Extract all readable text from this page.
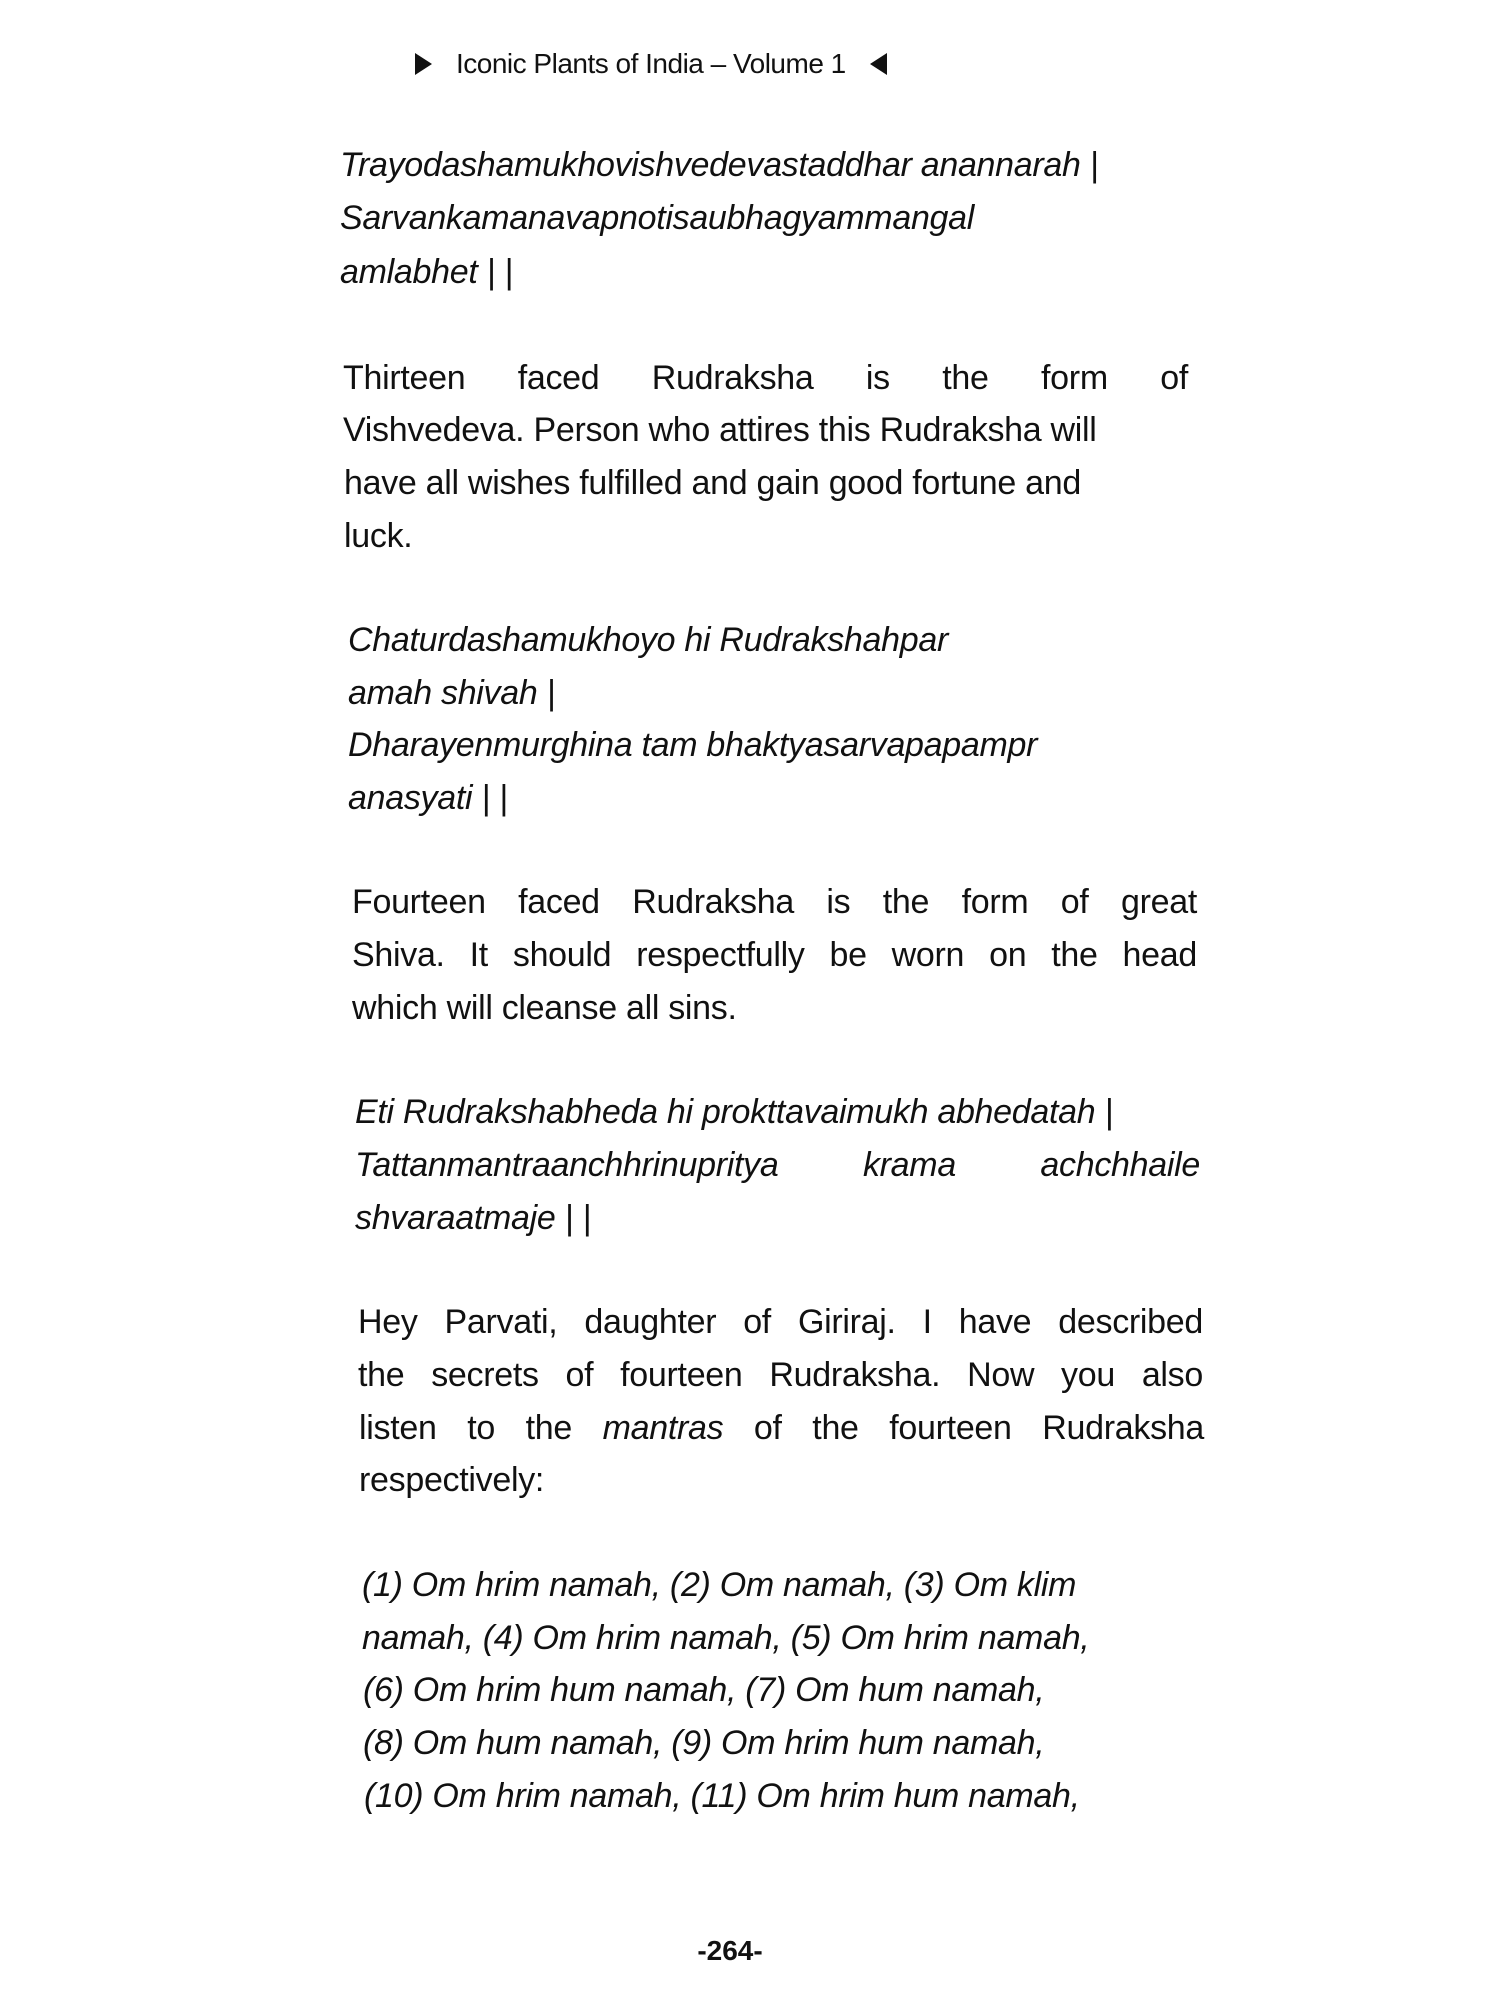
Iconic Plants of India – Volume 1
Trayodashamukhovishvedevastaddhar anannarah |
Sarvankamanavapnotisaubhagyammangal
amlabhet | |
Thirteen faced Rudraksha is the form of
Vishvedeva. Person who attires this Rudraksha will
have all wishes fulfilled and gain good fortune and
luck.
Chaturdashamukhoyo hi Rudrakshahpar
amah shivah |
Dharayenmurghina tam bhaktyasarvapapampr
anasyati | |
Fourteen faced Rudraksha is the form of great
Shiva. It should respectfully be worn on the head
which will cleanse all sins.
Eti Rudrakshabheda hi prokttavaimukh abhedatah |
Tattanmantraanchhrinupritya krama achchhaile
shvaraatmaje | |
Hey Parvati, daughter of Giriraj. I have described
the secrets of fourteen Rudraksha. Now you also
listen to the mantras of the fourteen Rudraksha
respectively:
(1) Om hrim namah, (2) Om namah, (3) Om klim
namah, (4) Om hrim namah, (5) Om hrim namah,
(6) Om hrim hum namah, (7) Om hum namah,
(8) Om hum namah, (9) Om hrim hum namah,
(10) Om hrim namah, (11) Om hrim hum namah,
-264-
